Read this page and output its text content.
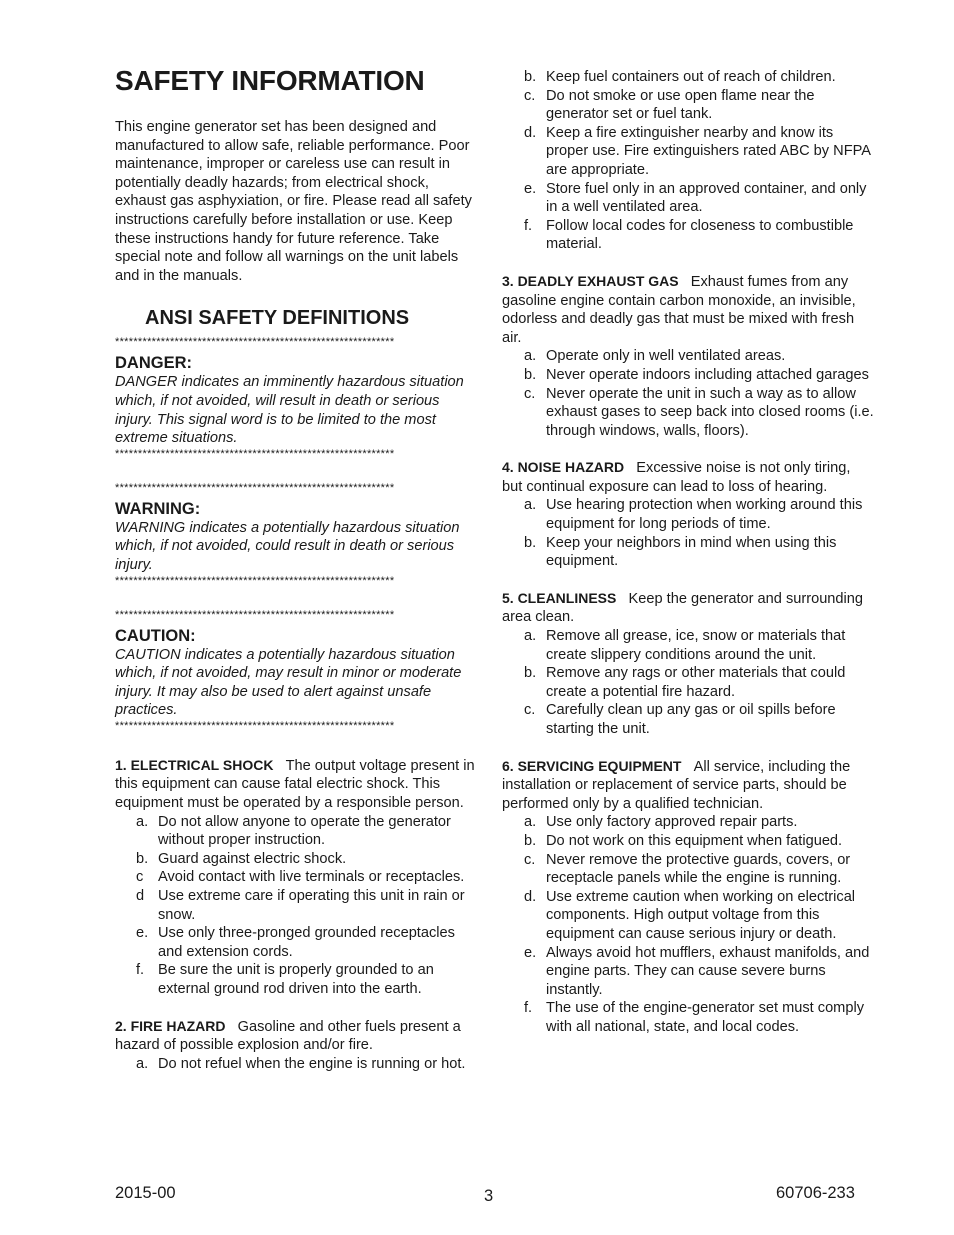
SAFETY INFORMATION

This engine generator set has been designed and manufactured to allow safe, reliable performance. Poor maintenance, improper or careless use can result in potentially deadly hazards; from electrical shock, exhaust gas asphyxiation, or fire. Please read all safety instructions carefully before installation or use. Keep these instructions handy for future reference. Take special note and follow all warnings on the unit labels and in the manuals.

ANSI SAFETY DEFINITIONS
*************************************************************
DANGER:
DANGER indicates an imminently hazardous situation which, if not avoided, will result in death or serious injury. This signal word is to be limited to the most extreme situations.
*************************************************************
*************************************************************
WARNING:
WARNING indicates a potentially hazardous situation which, if not avoided, could result in death or serious injury.
*************************************************************
*************************************************************
CAUTION:
CAUTION indicates a potentially hazardous situation which, if not avoided, may result in minor or moderate injury. It may also be used to alert against unsafe practices.
*************************************************************

1. ELECTRICAL SHOCK The output voltage present in this equipment can cause fatal electric shock. This equipment must be operated by a responsible person.

a. Do not allow anyone to operate the generator without proper instruction.
b. Guard against electric shock.
c	Avoid contact with live terminals or receptacles.
d Use extreme care if operating this unit in rain or snow.
e. Use only three-pronged grounded receptacles and extension cords.
f. Be sure the unit is properly grounded to an external ground rod driven into the earth.

2. FIRE HAZARD Gasoline and other fuels present a hazard of possible explosion and/or fire.

a. Do not refuel when the engine is running or hot.
b. Keep fuel containers out of reach of children.
c. Do not smoke or use open flame near the generator set or fuel tank.
d. Keep a fire extinguisher nearby and know its proper use. Fire extinguishers rated ABC by NFPA are appropriate.
e. Store fuel only in an approved container, and only in a well ventilated area.
f. Follow local codes for closeness to combustible material.

3. DEADLY EXHAUST GAS Exhaust fumes from any gasoline engine contain carbon monoxide, an invisible, odorless and deadly gas that must be mixed with fresh air.

a. Operate only in well ventilated areas.
b. Never operate indoors including attached garages
c. Never operate the unit in such a way as to allow exhaust gases to seep back into closed rooms (i.e. through windows, walls, floors).

4. NOISE HAZARD Excessive noise is not only tiring, but continual exposure can lead to loss of hearing.

a. Use hearing protection when working around this equipment for long periods of time.
b. Keep your neighbors in mind when using this equipment.

5. CLEANLINESS Keep the generator and surrounding area clean.

a. Remove all grease, ice, snow or materials that create slippery conditions around the unit.
b. Remove any rags or other materials that could create a potential fire hazard.
c. Carefully clean up any gas or oil spills before starting the unit.

6. SERVICING EQUIPMENT All service, including the installation or replacement of service parts, should be performed only by a qualified technician.

a. Use only factory approved repair parts.
b. Do not work on this equipment when fatigued.
c. Never remove the protective guards, covers, or receptacle panels while the engine is running.
d. Use extreme caution when working on electrical components. High output voltage from this equipment can cause serious injury or death.
e. Always avoid hot mufflers, exhaust manifolds, and engine parts. They can cause severe burns instantly.
f. The use of the engine-generator set must comply with all national, state, and local codes.
2015-00	3	60706-233
